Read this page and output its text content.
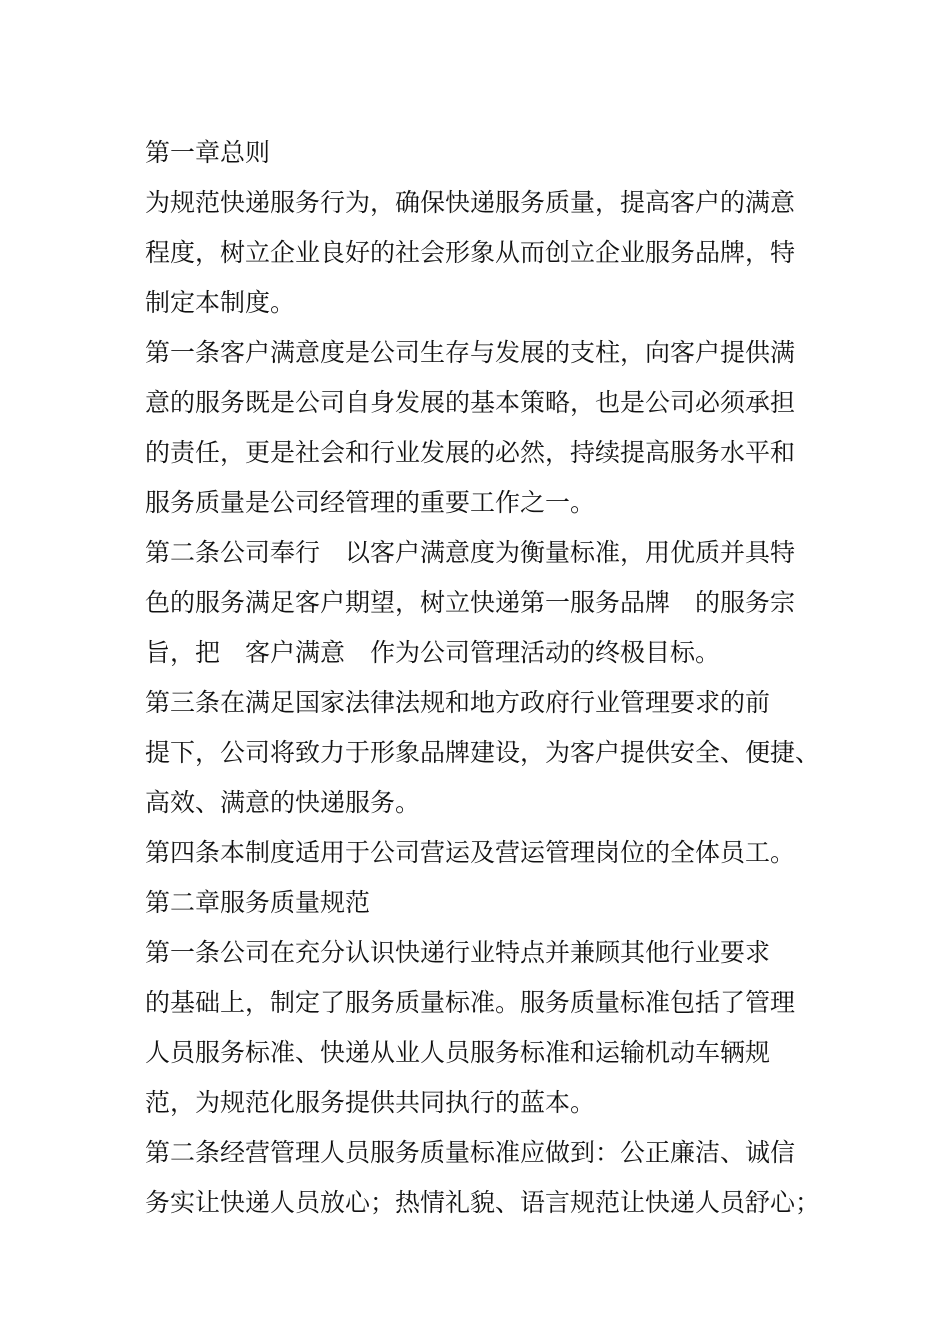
第一章总则
为规范快递服务行为，确保快递服务质量，提高客户的满意
程度，树立企业良好的社会形象从而创立企业服务品牌，特
制定本制度。
第一条客户满意度是公司生存与发展的支柱，向客户提供满
意的服务既是公司自身发展的基本策略，也是公司必须承担
的责任，更是社会和行业发展的必然，持续提高服务水平和
服务质量是公司经管理的重要工作之一。
第二条公司奉行　以客户满意度为衡量标准，用优质并具特
色的服务满足客户期望，树立快递第一服务品牌　的服务宗
旨，把　客户满意　作为公司管理活动的终极目标。
第三条在满足国家法律法规和地方政府行业管理要求的前
提下，公司将致力于形象品牌建设，为客户提供安全、便捷、
高效、满意的快递服务。
第四条本制度适用于公司营运及营运管理岗位的全体员工。
第二章服务质量规范
第一条公司在充分认识快递行业特点并兼顾其他行业要求
的基础上，制定了服务质量标准。服务质量标准包括了管理
人员服务标准、快递从业人员服务标准和运输机动车辆规
范，为规范化服务提供共同执行的蓝本。
第二条经营管理人员服务质量标准应做到：公正廉洁、诚信
务实让快递人员放心；热情礼貌、语言规范让快递人员舒心；
